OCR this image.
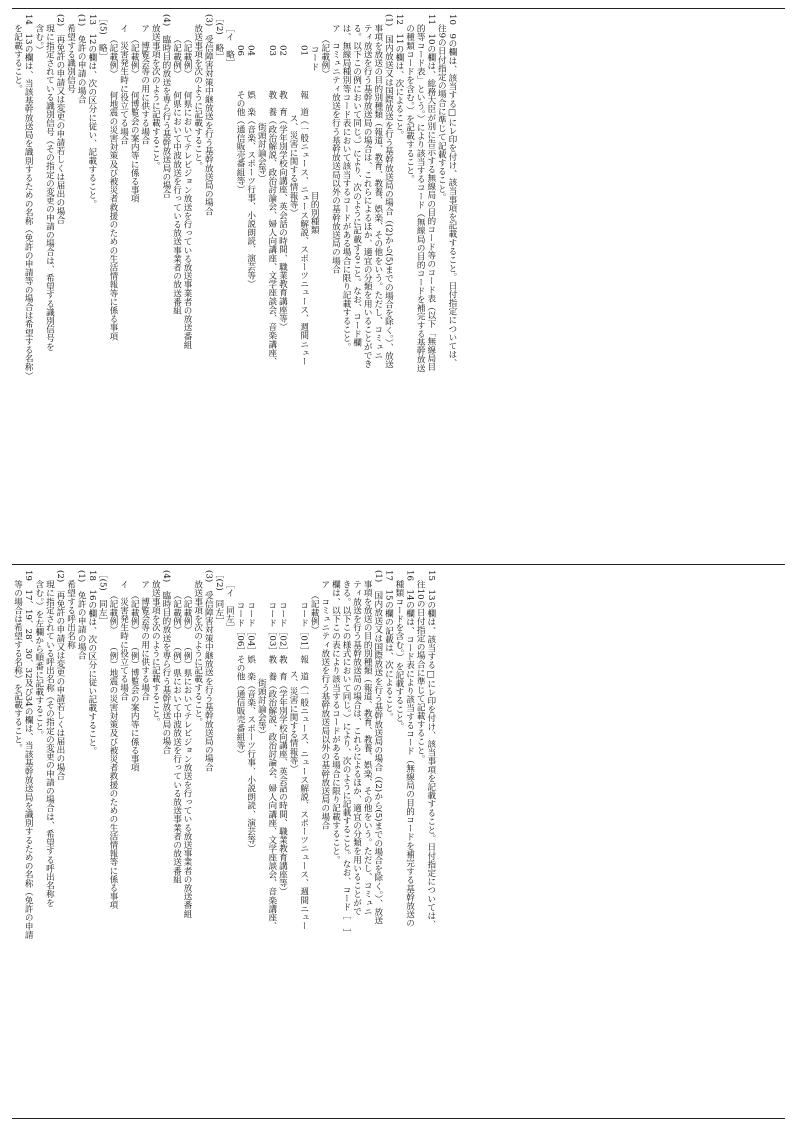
10　9の欄は、該当する□にレ印を付け、該当事項を記載すること。日付指定については、
往9の日付指定の場合に準じて記載すること。
11　10の欄は、総務大臣が別に告示する無線局の目的コード等のコード表（以下「無線局目
的等コード表」という。）により該当するコード（無線局の目的コードを補完する基幹放送
の種類コードを含む。）を記載すること。
12　11の欄は、次によること。
(1)　国内放送又は国際放送を行う基幹放送局の場合（(2)から(5)までの場合を除く。）、放送
事項を放送の目的別種類（報道、教育、教養、娯楽、その他をいう。ただし、コミュニ
ティ放送を行う基幹放送局の場合は、これらによるほか、適宜の分類を用いることができ
る。以下この例において同じ。）により、次のように記載すること。なお、コード欄
は、無線局種別等コード表において該当するコードがある場合に限り記載すること。
ア　コミュニティ放送を行う基幹放送局以外の基幹放送局の場合
（記載例）
コード　　　　　　　　　　　　　　目的別種類
01　　　　報　道（一般ニュース、ニュース解説、スポーツニュース、週間ニュー
　　　　　　　　ス、災害に関する情報等）
02　　　　教　育（学年別学校向講座、英会話の時間、職業教育講座等）
03　　　　教　養（政治解説、政治討論会、婦人向講座、文学座談会、音楽講座、
　　　　　　　　　街頭討論会等）
04　　　　娯　楽（音楽、スポーツ行事、小説朗読、演芸等）
06　　　　その他（通信販売番組等）
［イ　略］
［(2)　略］
(3)　受信障害対策中継放送を行う基幹放送局の場合
放送事項を次のように記載すること。
（記載例）　　何県においてテレビジョン放送を行っている放送事業者の放送番組
（記載例）　　何県において中波放送を行っている放送事業者の放送番組
(4)　臨時目的放送を専ら行う基幹放送局の場合
放送事項を次のように記載すること。
ア　博覧会等の用に供する場合
（記載例）　　何博覧会の案内等に係る事項
イ　災害発生時に役立てる場合
（記載例）　　何地震の災害対策及び被災者救援のための生活情報等に係る事項
［(5)　略］
13　12の欄は、次の区分に従い、記載すること。
(1)　免許の申請の場合
希望する識別信号
(2)　再免許の申請又は変更の申請若しくは届出の場合
現に指定されている識別信号（その指定の変更の申請の場合は、希望する識別信号を
含む。）
14　13の欄は、当該基幹放送局を識別するための名称（免許の申請等の場合は希望する名称）
を記載すること。
15　13の欄は、該当する□にレ印を付け、該当事項を記載すること。日付指定については、
往10の日付指定の場合に準じて記載すること。
16　14の欄は、コード表により該当するコード（無線局の目的コードを補完する基幹放送の
種類コードを含む。）を記載すること。
17　15の欄の記載は、次によること。
(1)　国内放送又は国際放送を行う基幹放送局の場合（(2)から(5)までの場合を除く。）、放送
事項を放送の目的別種類（報道、教育、教養、娯楽、その他をいう。ただし、コミュニ
ティ放送を行う基幹放送局の場合は、これらによるほか、適宜の分類を用いることがで
きる。以下この様式において同じ。）により、次のように記載すること。なお、コード［　］
欄は、以下この表により該当するコードがある場合に限り記載すること。
ア　コミュニティ放送を行う基幹放送局以外の基幹放送局の場合
（記載例）
コード［01］報　道（一般ニュース、ニュース解説、スポーツニュース、週間ニュー
　　　　　　　　ス、災害に関する情報等）
コード［02］教　育（学年別学校向講座、英会話の時間、職業教育講座等）
コード［03］教　養（政治解説、政治討論会、婦人向講座、文学座談会、音楽講座、
　　　　　　　　　街頭討論会等）
コード［04］娯　楽（音楽、スポーツ行事、小説朗読、演芸等）
コード［06］その他（通信販売番組等）
［イ　同左］
［(2)　同左］
(3)　受信障害対策中継放送を行う基幹放送局の場合
放送事項を次のように記載すること。
（記載例）　　（例）県においてテレビジョン放送を行っている放送事業者の放送番組
（記載例）　　（例）県において中波放送を行っている放送事業者の放送番組
(4)　臨時目的放送を専ら行う基幹放送局の場合
放送事項を次のように記載すること。
ア　博覧会等の用に供する場合
（記載例）　　（例）博覧会の案内等に係る事項
イ　災害発生時に役立てる場合
（記載例）　　（例）地震の災害対策及び被災者救援のための生活情報等に係る事項
［(5)　同左］
18　16の欄は、次の区分に従い記載すること。
(1)　免許の申請の場合
希望する呼出名称
(2)　再免許の申請又は変更の申請若しくは届出の場合
現に指定されている呼出名称（その指定の変更の申請の場合は、希望する呼出名称を
含む。）を左欄から順番に記載すること。
19　17、19、28、30、32及び34の欄は、当該基幹放送局を識別するための名称（免許の申請
等の場合は希望する名称）を記載すること。
